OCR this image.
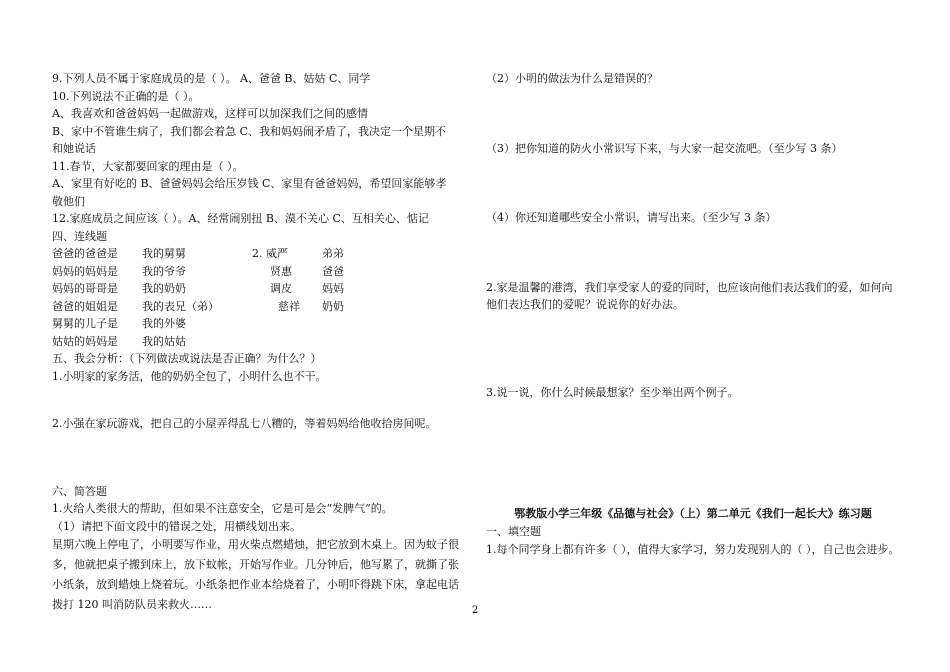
9.下列人员不属于家庭成员的是（ ）。 A、爸爸 B、姑姑 C、同学
10.下列说法不正确的是（ ）。
A、我喜欢和爸爸妈妈一起做游戏，这样可以加深我们之间的感情
B、家中不管谁生病了，我们都会着急 C、我和妈妈闹矛盾了，我决定一个星期不
和她说话
11.春节，大家都要回家的理由是（ ）。
A、家里有好吃的 B、爸爸妈妈会给压岁钱 C、家里有爸爸妈妈，希望回家能够孝
敬他们
12.家庭成员之间应该（ ）。A、经常闹别扭 B、漠不关心 C、互相关心、惦记
四、连线题
爸爸的爸爸是	我的舅舅	2. 威严	弟弟
妈妈的妈妈是	我的爷爷	贤惠	爸爸
妈妈的哥哥是	我的奶奶	调皮	妈妈
爸爸的姐姐是	我的表兄（弟）	慈祥	奶奶
舅舅的儿子是	我的外婆
姑姑的妈妈是	我的姑姑
五、我会分析：（下列做法或说法是否正确？为什么？）
1.小明家的家务活，他的奶奶全包了，小明什么也不干。
2.小强在家玩游戏，把自己的小屋弄得乱七八糟的，等着妈妈给他收拾房间呢。
六、简答题
1.火给人类很大的帮助，但如果不注意安全，它是可是会“发脾气”的。
（1）请把下面文段中的错误之处，用横线划出来。
星期六晚上停电了，小明要写作业，用火柴点燃蜡烛，把它放到木桌上。因为蚊子很多，他就把桌子搬到床上，放下蚊帐，开始写作业。几分钟后，他写累了，就撕了张小纸条，放到蜡烛上烧着玩。小纸条把作业本给烧着了，小明吓得跳下床，拿起电话拨打 120 叫消防队员来救火……
（2）小明的做法为什么是错误的？
（3）把你知道的防火小常识写下来，与大家一起交流吧。（至少写 3 条）
（4）你还知道哪些安全小常识，请写出来。（至少写 3 条）
2.家是温馨的港湾，我们享受家人的爱的同时，也应该向他们表达我们的爱，如何向他们表达我们的爱呢？说说你的好办法。
3.说一说，你什么时候最想家？至少举出两个例子。
鄂教版小学三年级《品德与社会》（上）第二单元《我们一起长大》练习题
一、填空题
1.每个同学身上都有许多（ ），值得大家学习，努力发现别人的（ ），自己也会进步。
2
